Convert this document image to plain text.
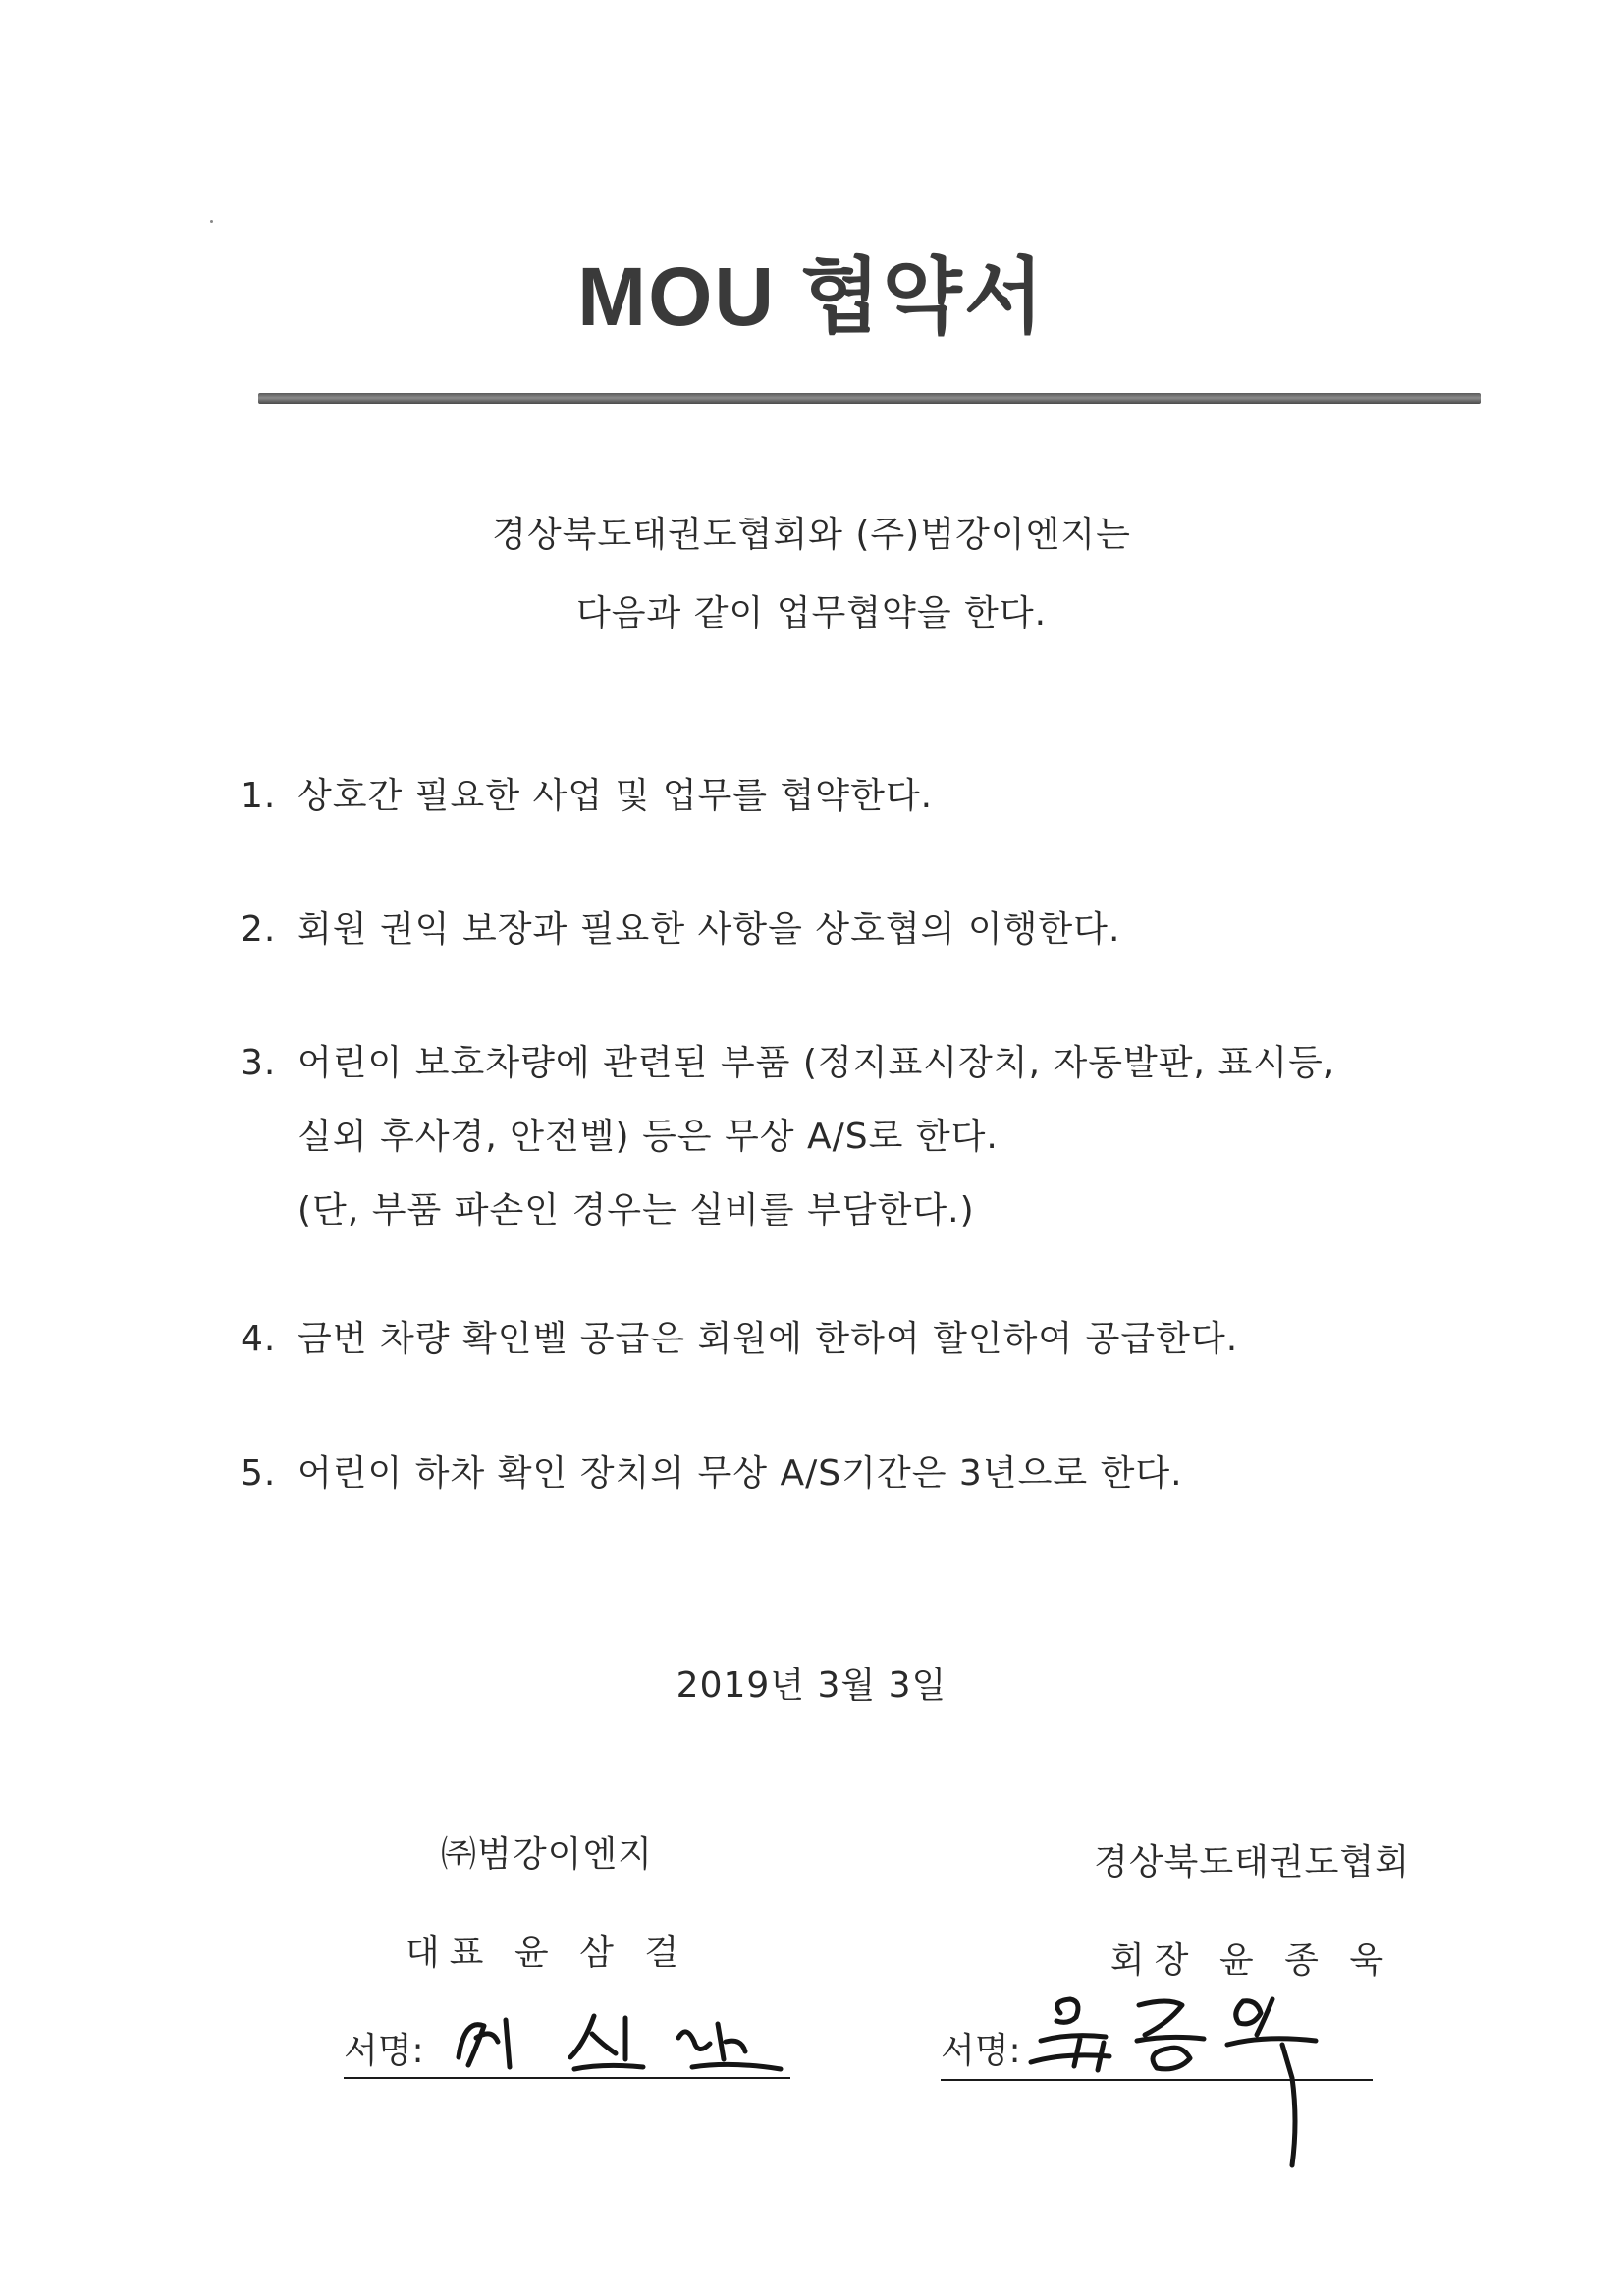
MOU 협약서
경상북도태권도협회와 (주)범강이엔지는
다음과 같이 업무협약을 한다.
1. 상호간 필요한 사업 및 업무를 협약한다.
2. 회원 권익 보장과 필요한 사항을 상호협의 이행한다.
3. 어린이 보호차량에 관련된 부품 (정지표시장치, 자동발판, 표시등,
실외 후사경, 안전벨) 등은 무상 A/S로 한다.
(단, 부품 파손인 경우는 실비를 부담한다.)
4. 금번 차량 확인벨 공급은 회원에 한하여 할인하여 공급한다.
5. 어린이 하차 확인 장치의 무상 A/S기간은 3년으로 한다.
2019년 3월 3일
㈜범강이엔지
대표 윤 삼 걸
서명:
경상북도태권도협회
회장 윤 종 욱
서명:
